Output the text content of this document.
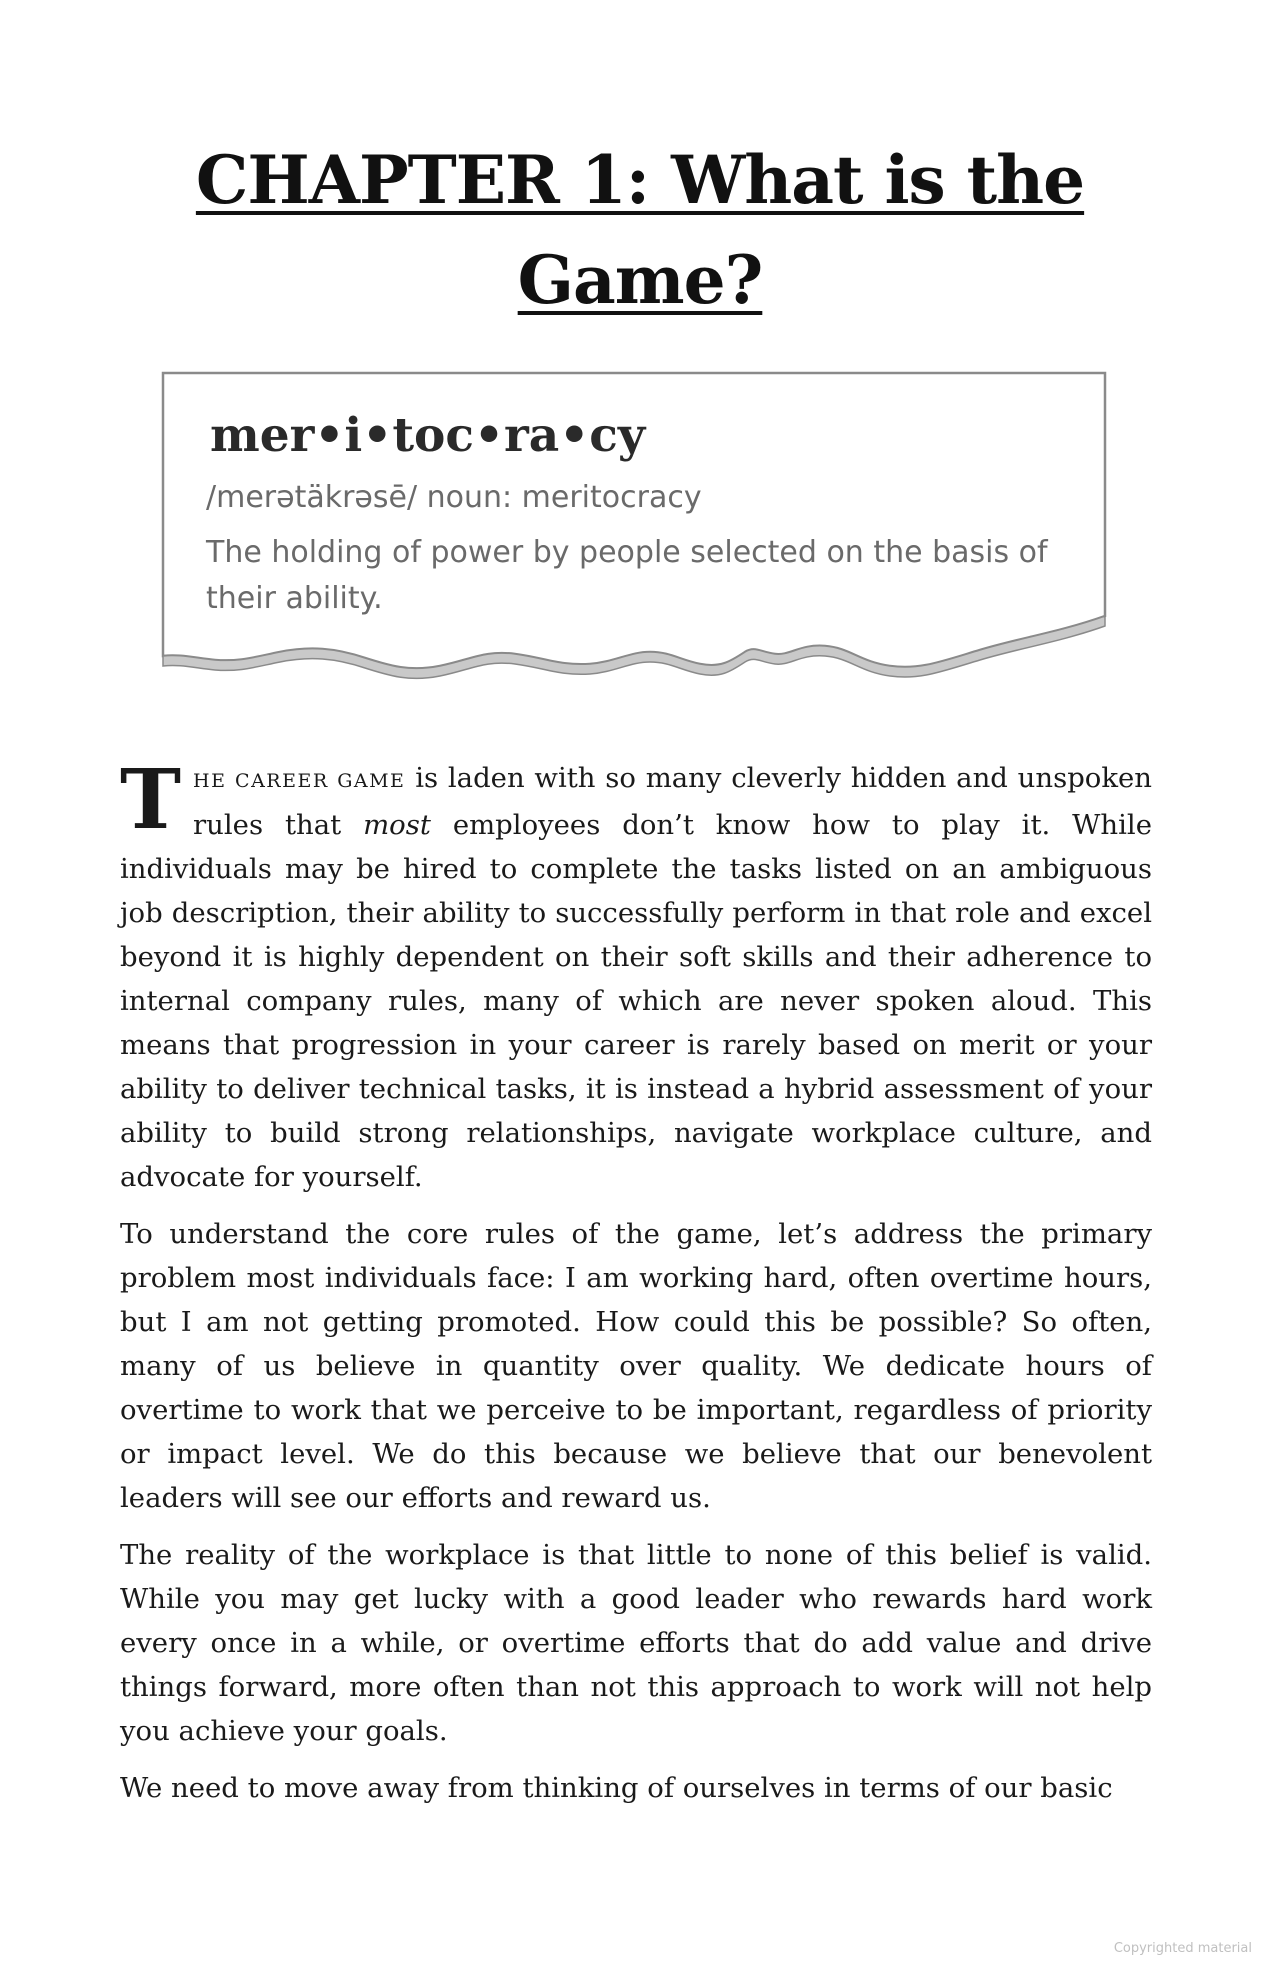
CHAPTER 1: What is the
Game?
mer•i•toc•ra•cy
/merətäkrəsē/ noun: meritocracy
The holding of power by people selected on the basis of their ability.

THE CAREER GAME is laden with so many cleverly hidden and unspoken rules that most employees don’t know how to play it. While individuals may be hired to complete the tasks listed on an ambiguous job description, their ability to successfully perform in that role and excel beyond it is highly dependent on their soft skills and their adherence to internal company rules, many of which are never spoken aloud. This means that progression in your career is rarely based on merit or your ability to deliver technical tasks, it is instead a hybrid assessment of your ability to build strong relationships, navigate workplace culture, and advocate for yourself.

To understand the core rules of the game, let’s address the primary problem most individuals face: I am working hard, often overtime hours, but I am not getting promoted. How could this be possible? So often, many of us believe in quantity over quality. We dedicate hours of overtime to work that we perceive to be important, regardless of priority or impact level. We do this because we believe that our benevolent leaders will see our efforts and reward us.

The reality of the workplace is that little to none of this belief is valid. While you may get lucky with a good leader who rewards hard work every once in a while, or overtime efforts that do add value and drive things forward, more often than not this approach to work will not help you achieve your goals.

We need to move away from thinking of ourselves in terms of our basic

Copyrighted material
